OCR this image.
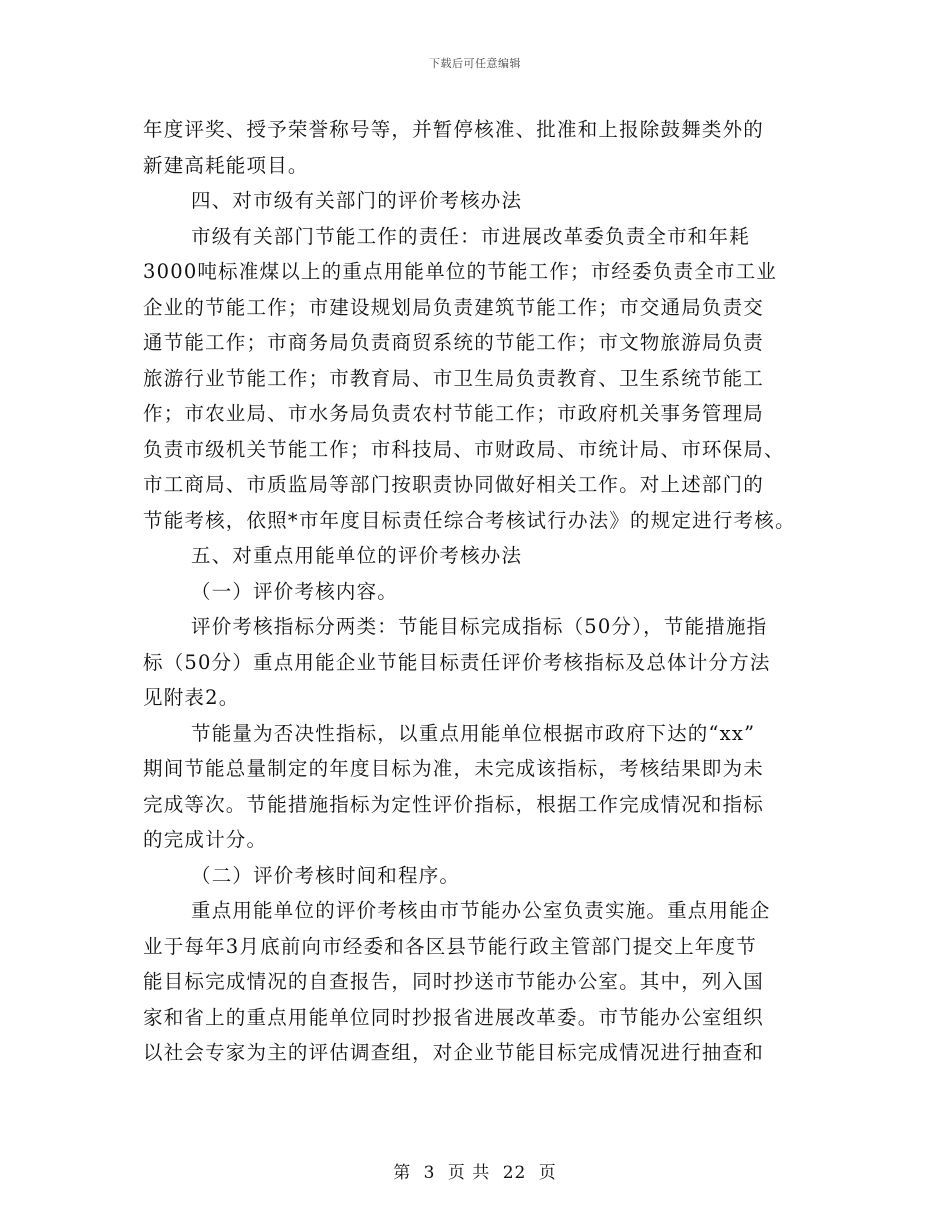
下载后可任意编辑
年度评奖、授予荣誉称号等，并暂停核准、批准和上报除鼓舞类外的
新建高耗能项目。
四、对市级有关部门的评价考核办法
市级有关部门节能工作的责任：市进展改革委负责全市和年耗
3000吨标准煤以上的重点用能单位的节能工作；市经委负责全市工业
企业的节能工作；市建设规划局负责建筑节能工作；市交通局负责交
通节能工作；市商务局负责商贸系统的节能工作；市文物旅游局负责
旅游行业节能工作；市教育局、市卫生局负责教育、卫生系统节能工
作；市农业局、市水务局负责农村节能工作；市政府机关事务管理局
负责市级机关节能工作；市科技局、市财政局、市统计局、市环保局、
市工商局、市质监局等部门按职责协同做好相关工作。对上述部门的
节能考核，依照*市年度目标责任综合考核试行办法》的规定进行考核。
五、对重点用能单位的评价考核办法
（一）评价考核内容。
评价考核指标分两类：节能目标完成指标（50分），节能措施指
标（50分）重点用能企业节能目标责任评价考核指标及总体计分方法
见附表2。
节能量为否决性指标，以重点用能单位根据市政府下达的“xx”
期间节能总量制定的年度目标为准，未完成该指标，考核结果即为未
完成等次。节能措施指标为定性评价指标，根据工作完成情况和指标
的完成计分。
（二）评价考核时间和程序。
重点用能单位的评价考核由市节能办公室负责实施。重点用能企
业于每年3月底前向市经委和各区县节能行政主管部门提交上年度节
能目标完成情况的自查报告，同时抄送市节能办公室。其中，列入国
家和省上的重点用能单位同时抄报省进展改革委。市节能办公室组织
以社会专家为主的评估调查组，对企业节能目标完成情况进行抽查和
第 3 页 共 22 页
